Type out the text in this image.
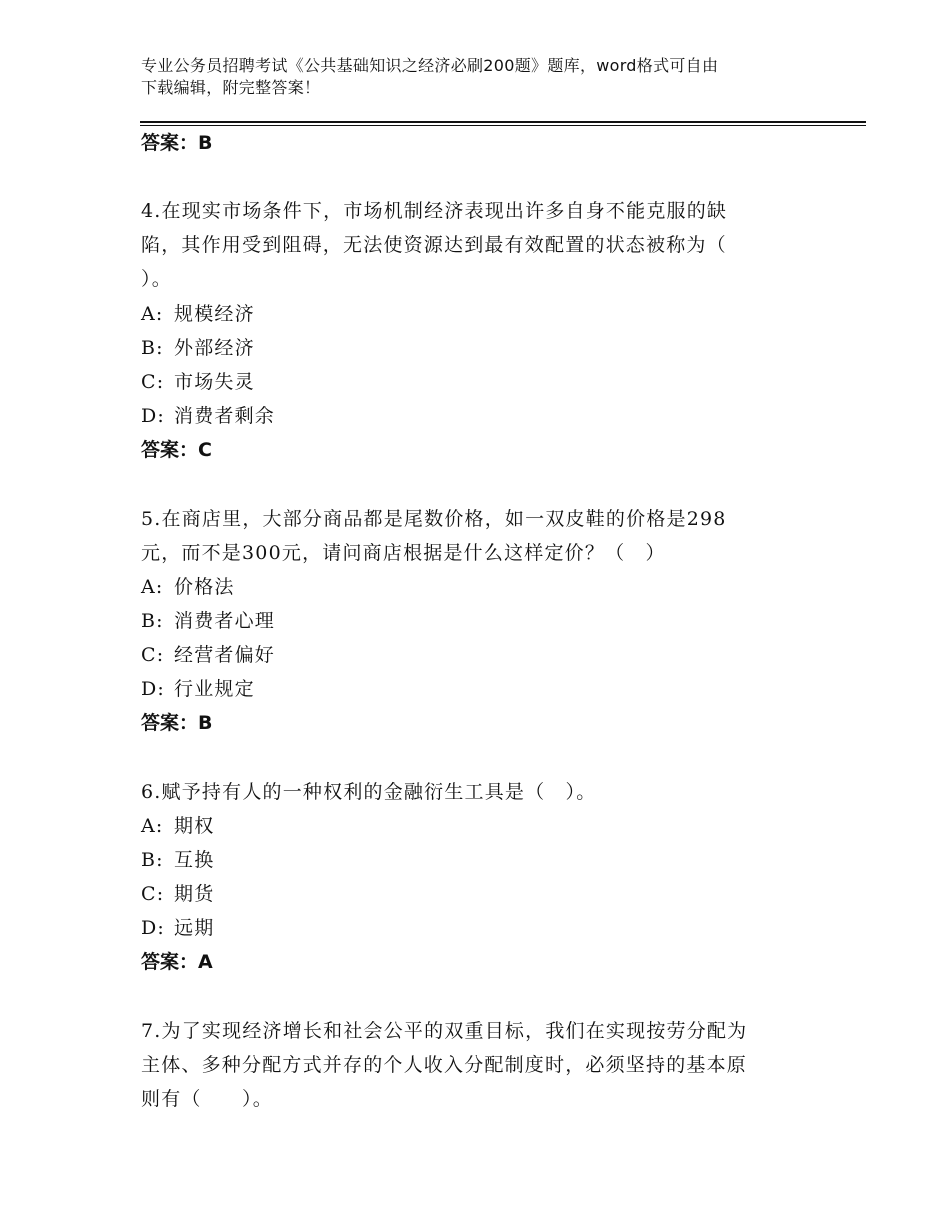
专业公务员招聘考试《公共基础知识之经济必刷200题》题库，word格式可自由
下载编辑，附完整答案！
答案：B
4.在现实市场条件下，市场机制经济表现出许多自身不能克服的缺
陷，其作用受到阻碍，无法使资源达到最有效配置的状态被称为（
）。
A: 规模经济
B: 外部经济
C: 市场失灵
D: 消费者剩余
答案：C
5.在商店里，大部分商品都是尾数价格，如一双皮鞋的价格是298
元，而不是300元，请问商店根据是什么这样定价？（　）
A: 价格法
B: 消费者心理
C: 经营者偏好
D: 行业规定
答案：B
6.赋予持有人的一种权利的金融衍生工具是（　）。
A: 期权
B: 互换
C: 期货
D: 远期
答案：A
7.为了实现经济增长和社会公平的双重目标，我们在实现按劳分配为
主体、多种分配方式并存的个人收入分配制度时，必须坚持的基本原
则有（　　）。
